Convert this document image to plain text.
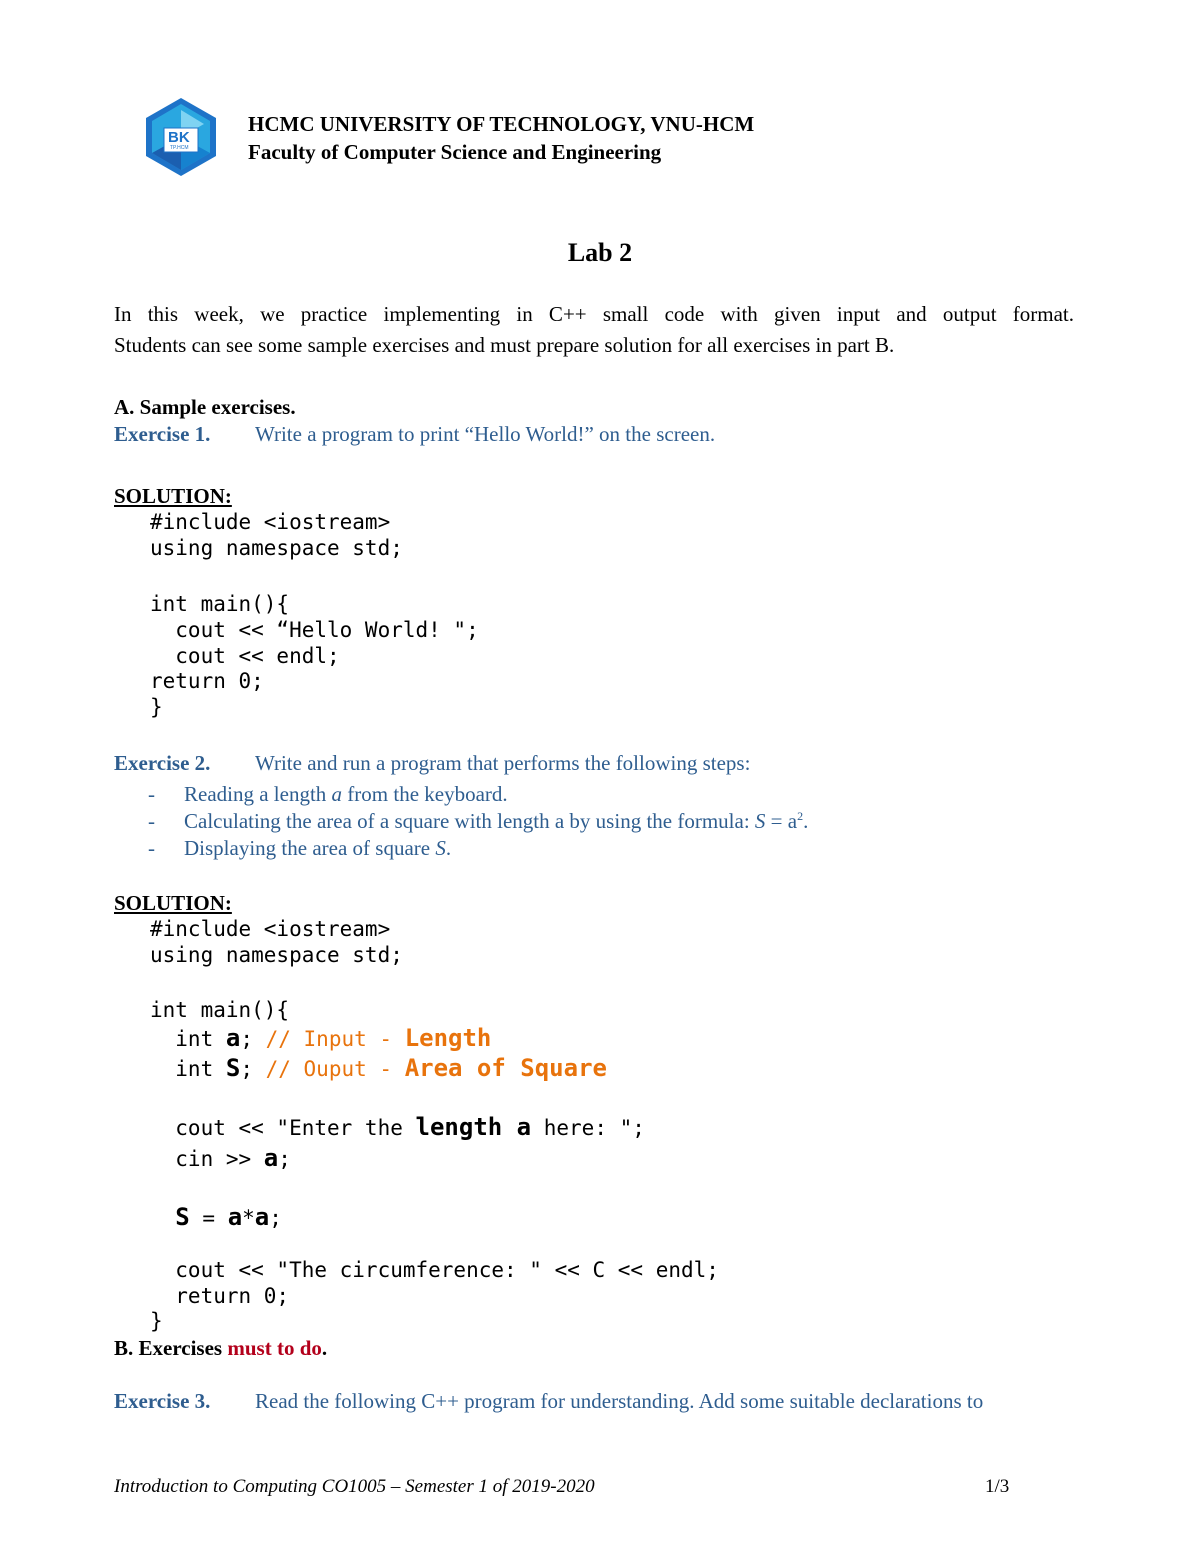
BK
TP.HCM
HCMC UNIVERSITY OF TECHNOLOGY, VNU-HCM
Faculty of Computer Science and Engineering
Lab 2
In this week, we practice implementing in C++ small code with given input and output format.
Students can see some sample exercises and must prepare solution for all exercises in part B.
A. Sample exercises.
Exercise 1. Write a program to print “Hello World!” on the screen.
SOLUTION:
#include <iostream>
using namespace std;
int main(){
cout << “Hello World! ";
cout << endl;
return 0;
}
Exercise 2. Write and run a program that performs the following steps:
- Reading a length a from the keyboard.
- Calculating the area of a square with length a by using the formula: $S = a^2$.
- Displaying the area of square S.
SOLUTION:
#include <iostream>
using namespace std;
int main(){
int a; // Input - Length
int S; // Ouput - Area of Square
cout << "Enter the length a here: ";
cin >> a;
S = a*a;
cout << "The circumference: " << C << endl;
return 0;
}
B. Exercises must to do.
Exercise 3. Read the following C++ program for understanding. Add some suitable declarations to
Introduction to Computing CO1005 – Semester 1 of 2019-2020	1/3
